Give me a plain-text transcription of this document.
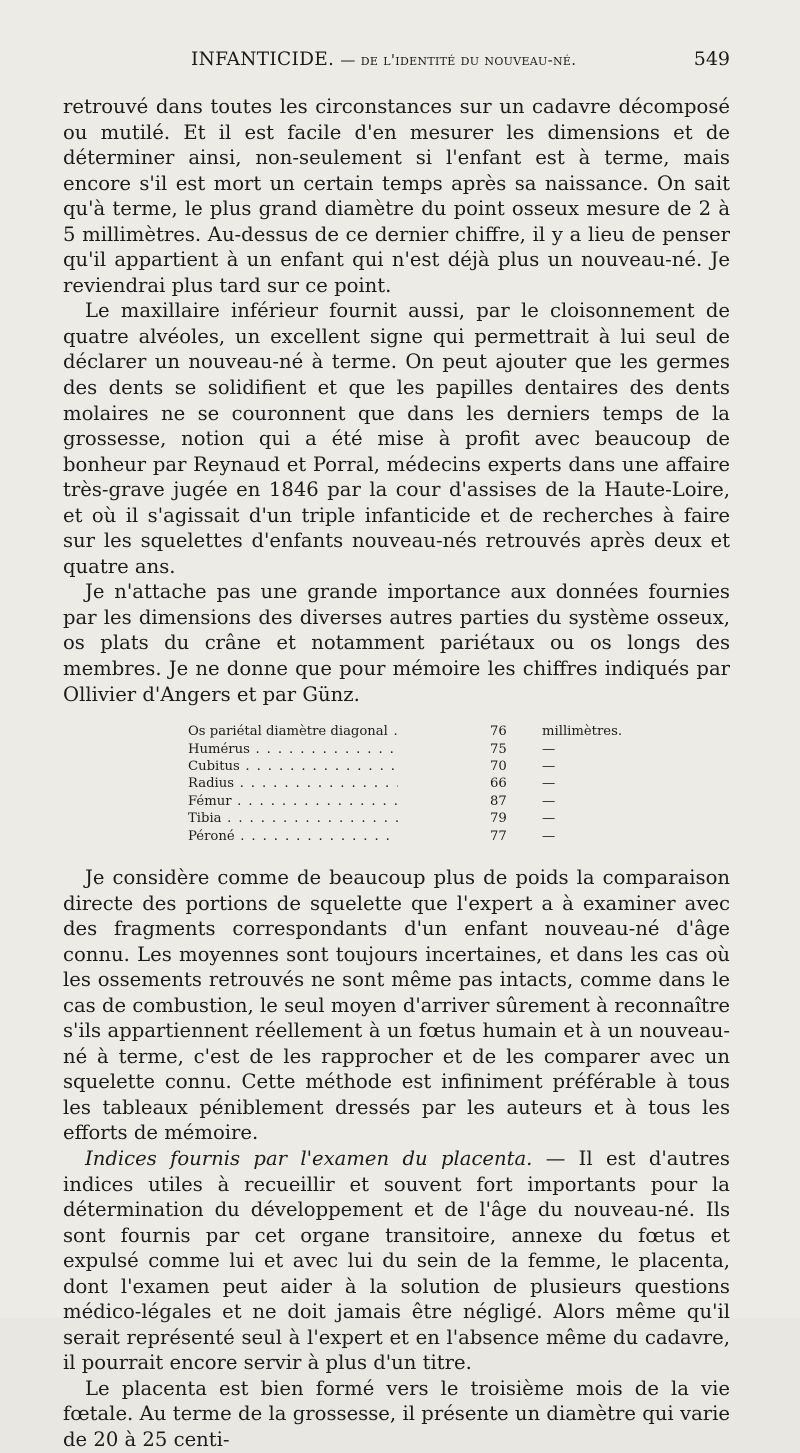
INFANTICIDE. — de l'identité du nouveau-né.	549

retrouvé dans toutes les circonstances sur un cadavre décomposé ou mutilé. Et il est facile d'en mesurer les dimensions et de déterminer ainsi, non-seulement si l'enfant est à terme, mais encore s'il est mort un certain temps après sa naissance. On sait qu'à terme, le plus grand diamètre du point osseux mesure de 2 à 5 millimètres. Au-dessus de ce dernier chiffre, il y a lieu de penser qu'il appartient à un enfant qui n'est déjà plus un nouveau-né. Je reviendrai plus tard sur ce point.

Le maxillaire inférieur fournit aussi, par le cloisonnement de quatre alvéoles, un excellent signe qui permettrait à lui seul de déclarer un nouveau-né à terme. On peut ajouter que les germes des dents se solidifient et que les papilles dentaires des dents molaires ne se couronnent que dans les derniers temps de la grossesse, notion qui a été mise à profit avec beaucoup de bonheur par Reynaud et Porral, médecins experts dans une affaire très-grave jugée en 1846 par la cour d'assises de la Haute-Loire, et où il s'agissait d'un triple infanticide et de recherches à faire sur les squelettes d'enfants nouveau-nés retrouvés après deux et quatre ans.

Je n'attache pas une grande importance aux données fournies par les dimensions des diverses autres parties du système osseux, os plats du crâne et notamment pariétaux ou os longs des membres. Je ne donne que pour mémoire les chiffres indiqués par Ollivier d'Angers et par Günz.

Os pariétal diamètre diagonal . . .	76	millimètres.
Humérus . . .	75	—
Cubitus . . .	70	—
Radius . . .	66	—
Fémur . . .	87	—
Tibia . . .	79	—
Péroné . . .	77	—

Je considère comme de beaucoup plus de poids la comparaison directe des portions de squelette que l'expert a à examiner avec des fragments correspondants d'un enfant nouveau-né d'âge connu. Les moyennes sont toujours incertaines, et dans les cas où les ossements retrouvés ne sont même pas intacts, comme dans le cas de combustion, le seul moyen d'arriver sûrement à reconnaître s'ils appartiennent réellement à un fœtus humain et à un nouveau-né à terme, c'est de les rapprocher et de les comparer avec un squelette connu. Cette méthode est infiniment préférable à tous les tableaux péniblement dressés par les auteurs et à tous les efforts de mémoire.

Indices fournis par l'examen du placenta. — Il est d'autres indices utiles à recueillir et souvent fort importants pour la détermination du développement et de l'âge du nouveau-né. Ils sont fournis par cet organe transitoire, annexe du fœtus et expulsé comme lui et avec lui du sein de la femme, le placenta, dont l'examen peut aider à la solution de plusieurs questions médico-légales et ne doit jamais être négligé. Alors même qu'il serait représenté seul à l'expert et en l'absence même du cadavre, il pourrait encore servir à plus d'un titre.

Le placenta est bien formé vers le troisième mois de la vie fœtale. Au terme de la grossesse, il présente un diamètre qui varie de 20 à 25 centi-
